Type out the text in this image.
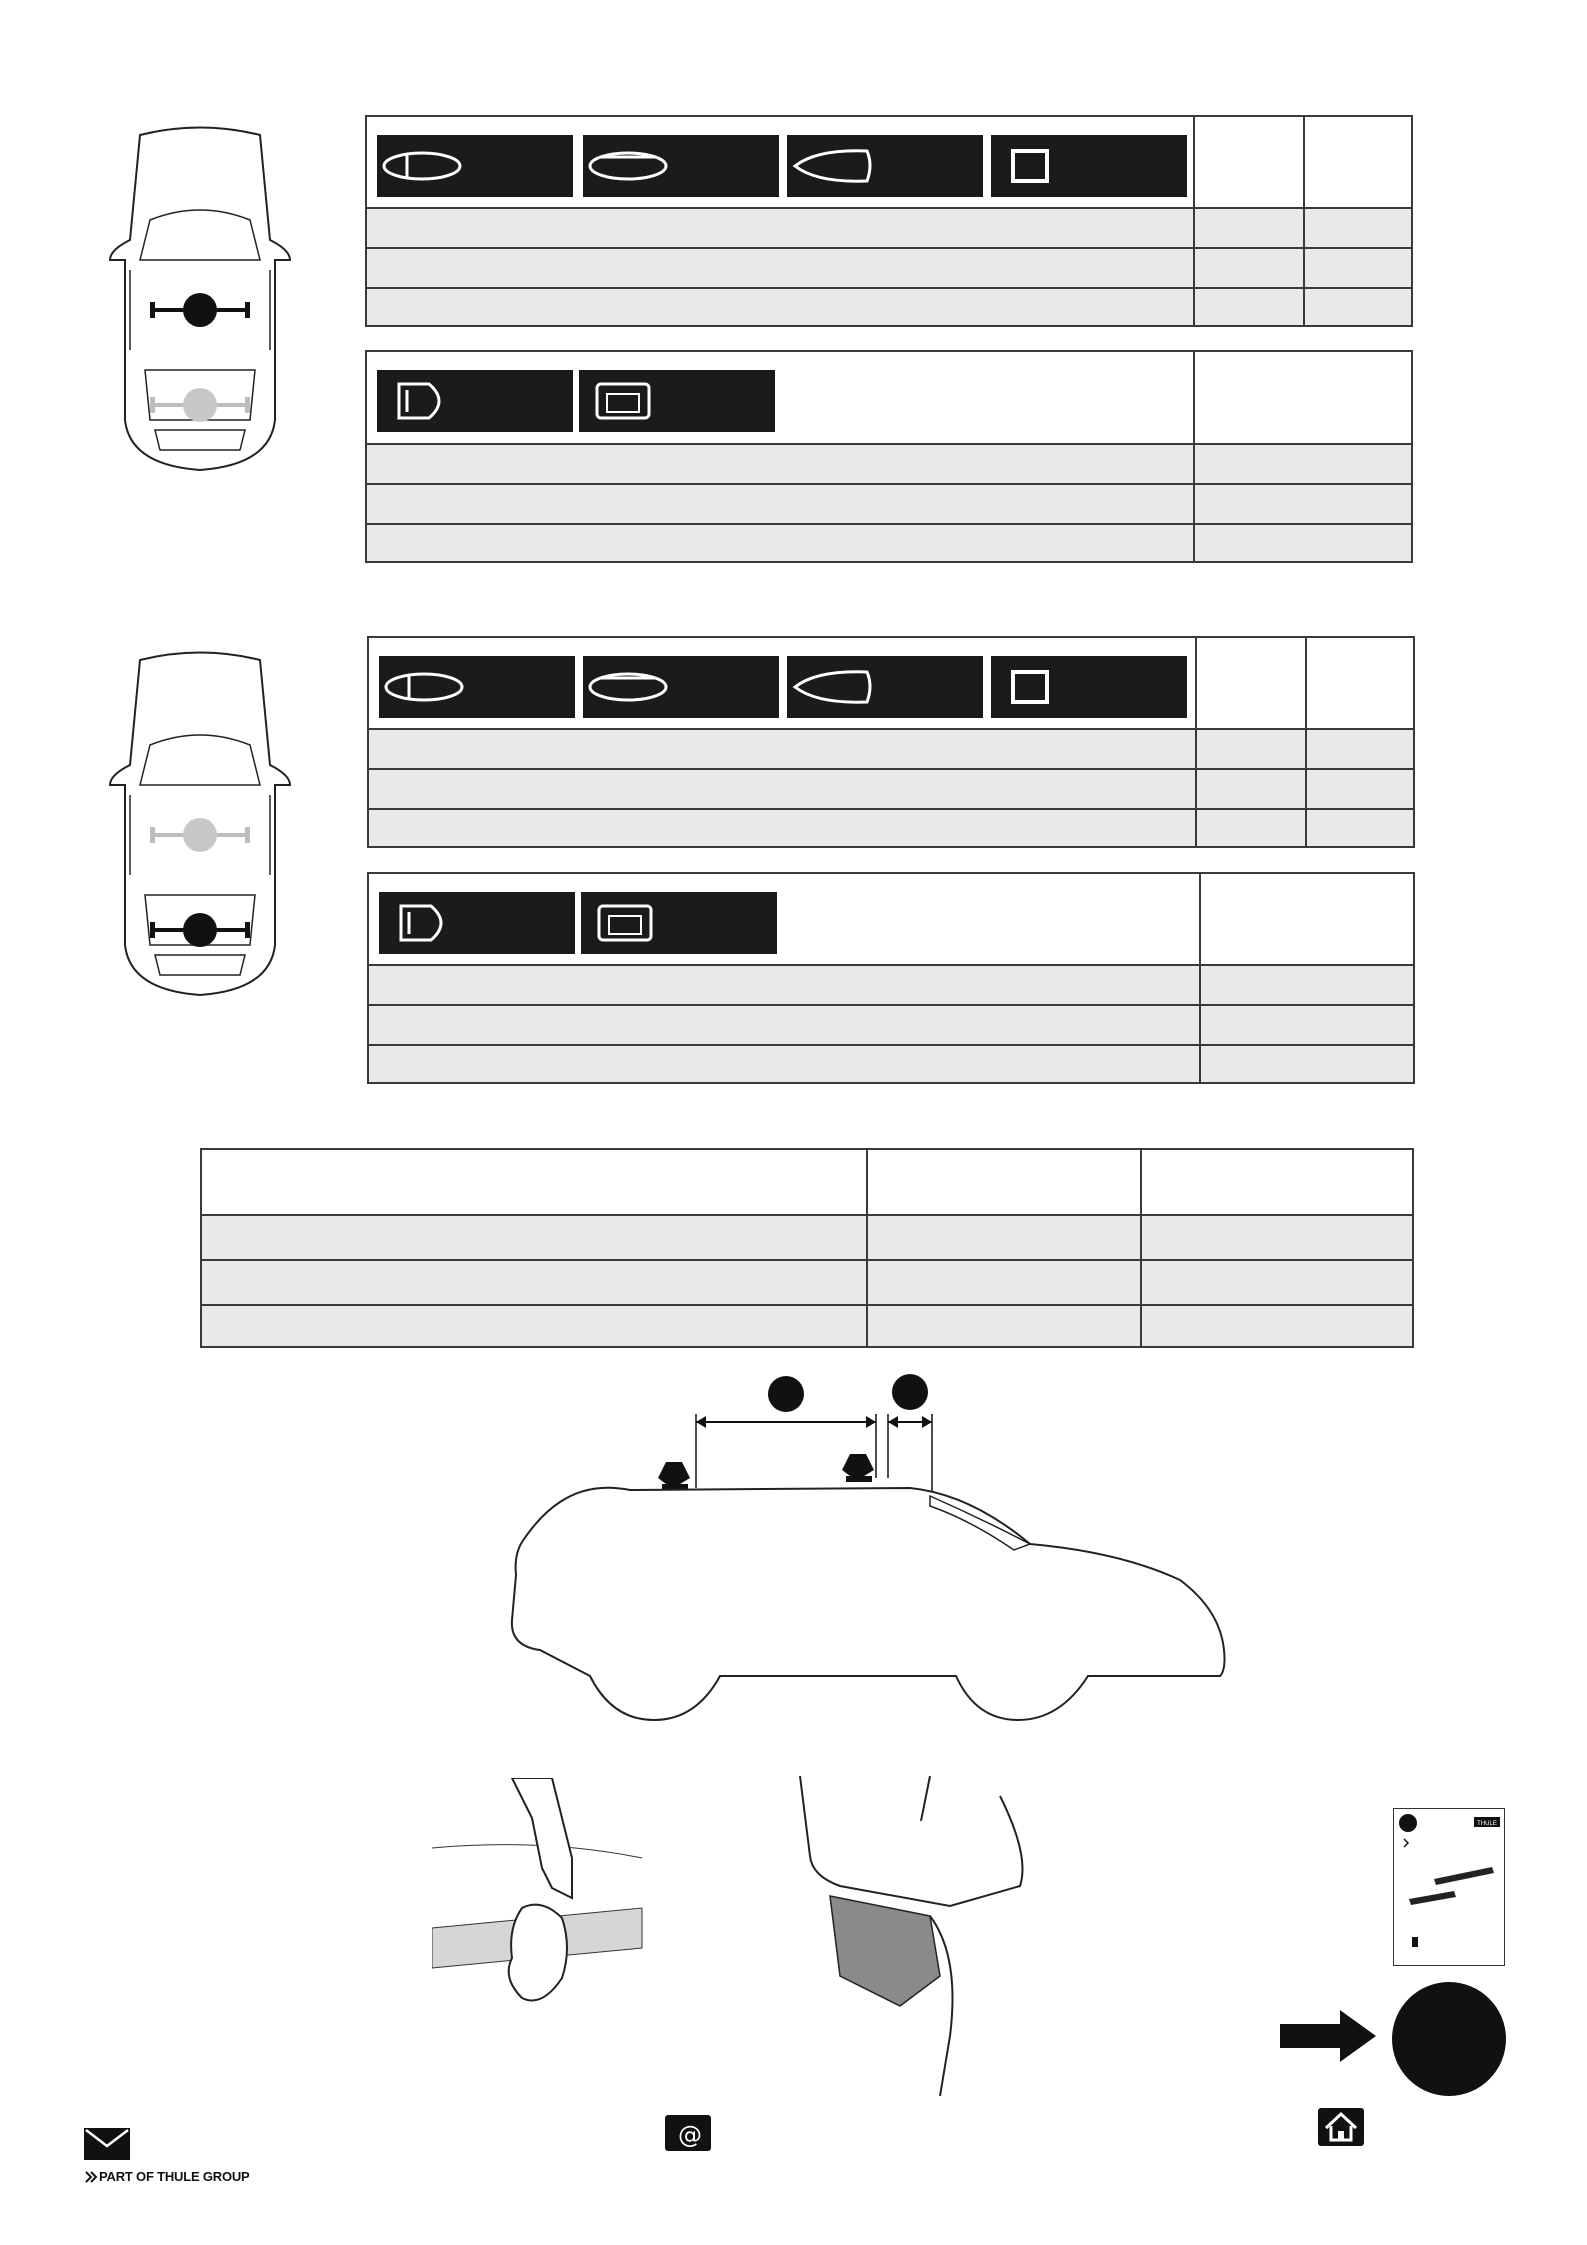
THULE
PART OF THULE GROUP
@
